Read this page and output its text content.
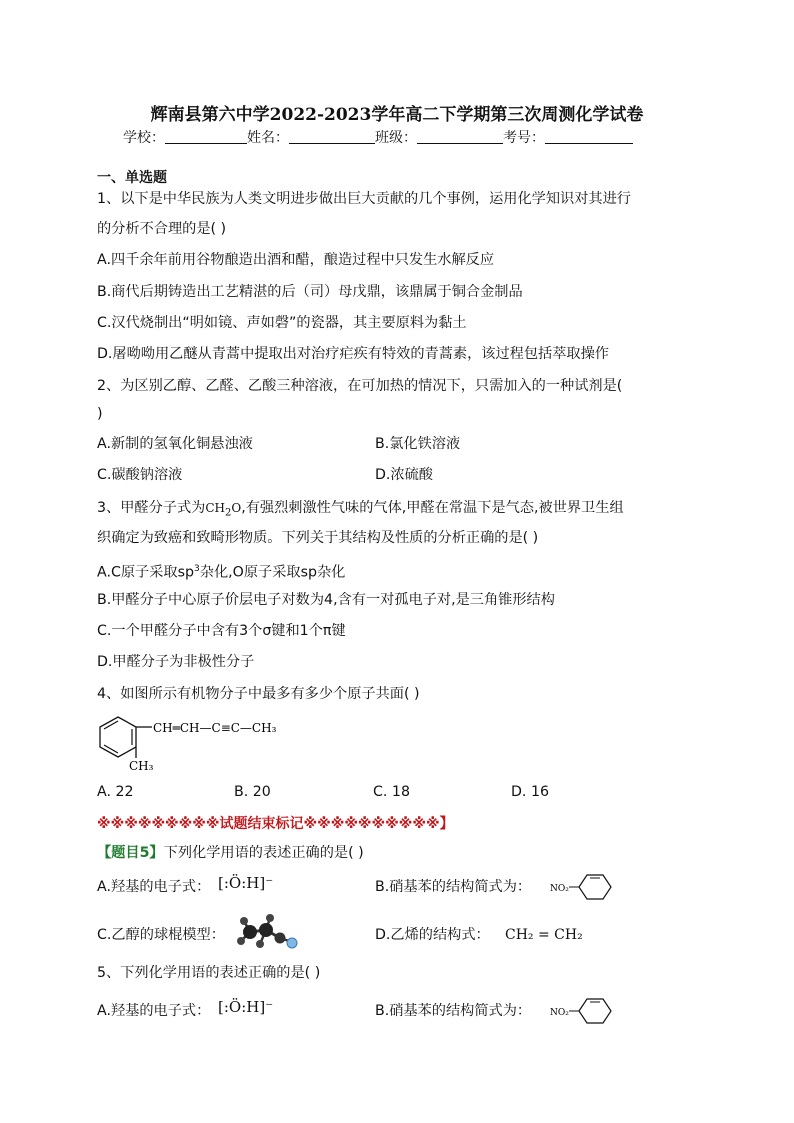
辉南县第六中学2022-2023学年高二下学期第三次周测化学试卷
学校：	姓名：	班级：	考号：
一、单选题
1、以下是中华民族为人类文明进步做出巨大贡献的几个事例，运用化学知识对其进行
的分析不合理的是( )
A.四千余年前用谷物酿造出酒和醋，酿造过程中只发生水解反应
B.商代后期铸造出工艺精湛的后（司）母戊鼎，该鼎属于铜合金制品
C.汉代烧制出“明如镜、声如磬”的瓷器，其主要原料为黏土
D.屠呦呦用乙醚从青蒿中提取出对治疗疟疾有特效的青蒿素，该过程包括萃取操作
2、为区别乙醇、乙醛、乙酸三种溶液，在可加热的情况下，只需加入的一种试剂是(
)
A.新制的氢氧化铜悬浊液	B.氯化铁溶液
C.碳酸钠溶液	D.浓硫酸
3、甲醛分子式为$CH_2O$,有强烈刺激性气味的气体,甲醛在常温下是气态,被世界卫生组
织确定为致癌和致畸形物质。下列关于其结构及性质的分析正确的是( )
A.C原子采取$sp^3$杂化,O原子采取sp杂化
B.甲醛分子中心原子价层电子对数为4,含有一对孤电子对,是三角锥形结构
C.一个甲醛分子中含有3个σ键和1个π键
D.甲醛分子为非极性分子
4、如图所示有机物分子中最多有多少个原子共面( )
CH═CH—C≡C—CH₃
CH₃
A. 22	B. 20	C. 18	D. 16
※※※※※※※※※试题结束标记※※※※※※※※※※】
【题目5】下列化学用语的表述正确的是( )
A.羟基的电子式： [:Ö:H]⁻	B.硝基苯的结构简式为： NO₂
C.乙醇的球棍模型：	D.乙烯的结构式： CH₂ = CH₂
5、下列化学用语的表述正确的是( )
A.羟基的电子式： [:Ö:H]⁻	B.硝基苯的结构简式为： NO₂
